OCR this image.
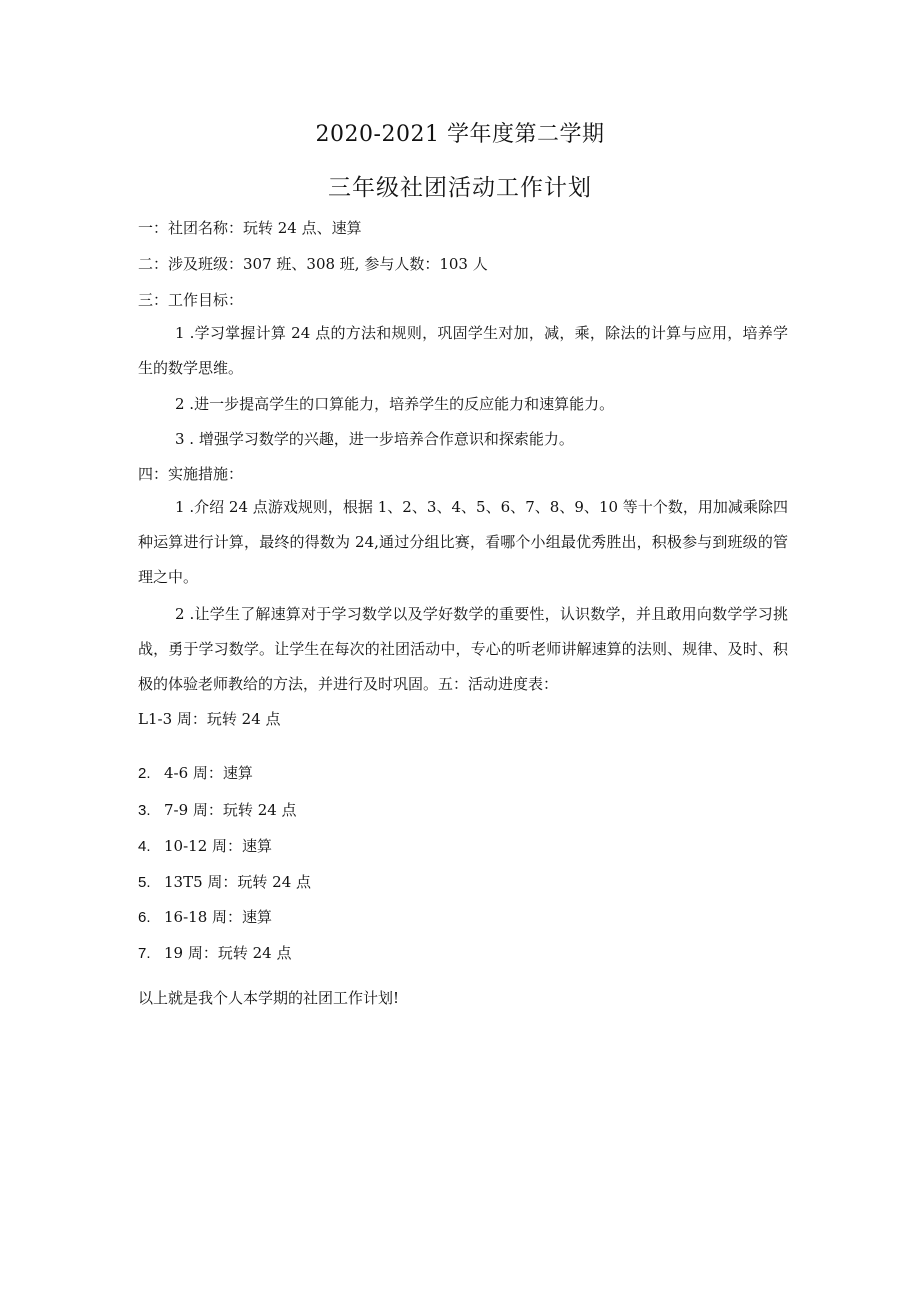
2020-2021 学年度第二学期
三年级社团活动工作计划
一：社团名称：玩转 24 点、速算
二：涉及班级：307 班、308 班, 参与人数：103 人
三：工作目标：
1 .学习掌握计算 24 点的方法和规则，巩固学生对加，减，乘，除法的计算与应用，培养学生的数学思维。
2 .进一步提高学生的口算能力，培养学生的反应能力和速算能力。
3 . 增强学习数学的兴趣，进一步培养合作意识和探索能力。
四：实施措施：
1 .介绍 24 点游戏规则，根据 1、2、3、4、5、6、7、8、9、10 等十个数，用加减乘除四种运算进行计算，最终的得数为 24,通过分组比赛，看哪个小组最优秀胜出，积极参与到班级的管理之中。
2 .让学生了解速算对于学习数学以及学好数学的重要性，认识数学，并且敢用向数学学习挑战，勇于学习数学。让学生在每次的社团活动中，专心的听老师讲解速算的法则、规律、及时、积极的体验老师教给的方法，并进行及时巩固。五：活动进度表：
L1-3 周：玩转 24 点
2. 4-6 周：速算
3. 7-9 周：玩转 24 点
4. 10-12 周：速算
5. 13T5 周：玩转 24 点
6. 16-18 周：速算
7. 19 周：玩转 24 点
以上就是我个人本学期的社团工作计划!
